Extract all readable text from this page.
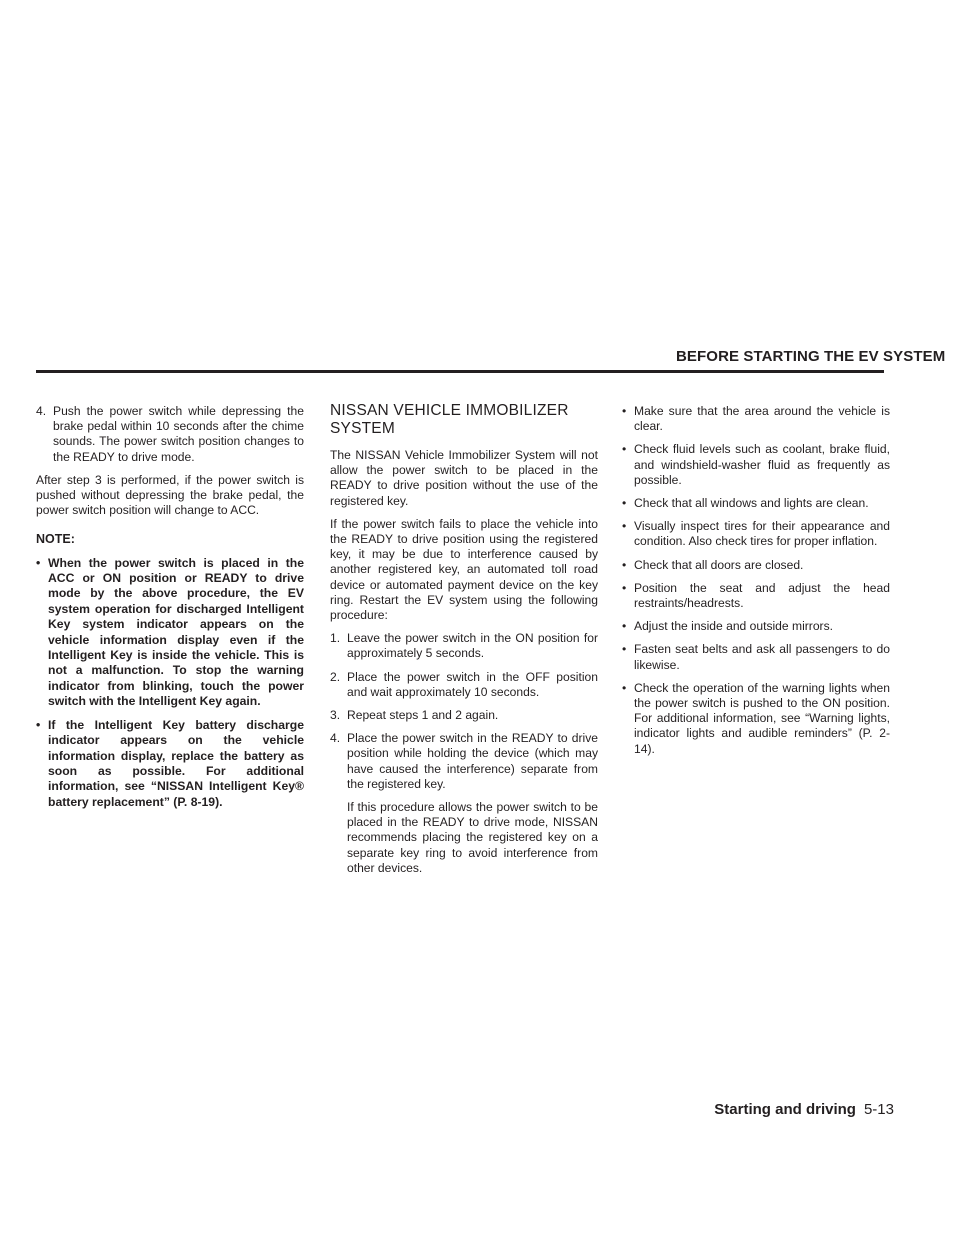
BEFORE STARTING THE EV SYSTEM
4. Push the power switch while depressing the brake pedal within 10 seconds after the chime sounds. The power switch position changes to the READY to drive mode.

After step 3 is performed, if the power switch is pushed without depressing the brake pedal, the power switch position will change to ACC.

NOTE:
• When the power switch is placed in the ACC or ON position or READY to drive mode by the above procedure, the EV system operation for discharged Intelligent Key system indicator appears on the vehicle information display even if the Intelligent Key is inside the vehicle. This is not a malfunction. To stop the warning indicator from blinking, touch the power switch with the Intelligent Key again.
• If the Intelligent Key battery discharge indicator appears on the vehicle information display, replace the battery as soon as possible. For additional information, see “NISSAN Intelligent Key® battery replacement” (P. 8-19).
NISSAN VEHICLE IMMOBILIZER SYSTEM

The NISSAN Vehicle Immobilizer System will not allow the power switch to be placed in the READY to drive position without the use of the registered key.

If the power switch fails to place the vehicle into the READY to drive position using the registered key, it may be due to interference caused by another registered key, an automated toll road device or automated payment device on the key ring. Restart the EV system using the following procedure:

1. Leave the power switch in the ON position for approximately 5 seconds.
2. Place the power switch in the OFF position and wait approximately 10 seconds.
3. Repeat steps 1 and 2 again.
4. Place the power switch in the READY to drive position while holding the device (which may have caused the interference) separate from the registered key.
If this procedure allows the power switch to be placed in the READY to drive mode, NISSAN recommends placing the registered key on a separate key ring to avoid interference from other devices.
• Make sure that the area around the vehicle is clear.
• Check fluid levels such as coolant, brake fluid, and windshield-washer fluid as frequently as possible.
• Check that all windows and lights are clean.
• Visually inspect tires for their appearance and condition. Also check tires for proper inflation.
• Check that all doors are closed.
• Position the seat and adjust the head restraints/headrests.
• Adjust the inside and outside mirrors.
• Fasten seat belts and ask all passengers to do likewise.
• Check the operation of the warning lights when the power switch is pushed to the ON position. For additional information, see “Warning lights, indicator lights and audible reminders” (P. 2-14).
Starting and driving 5-13
